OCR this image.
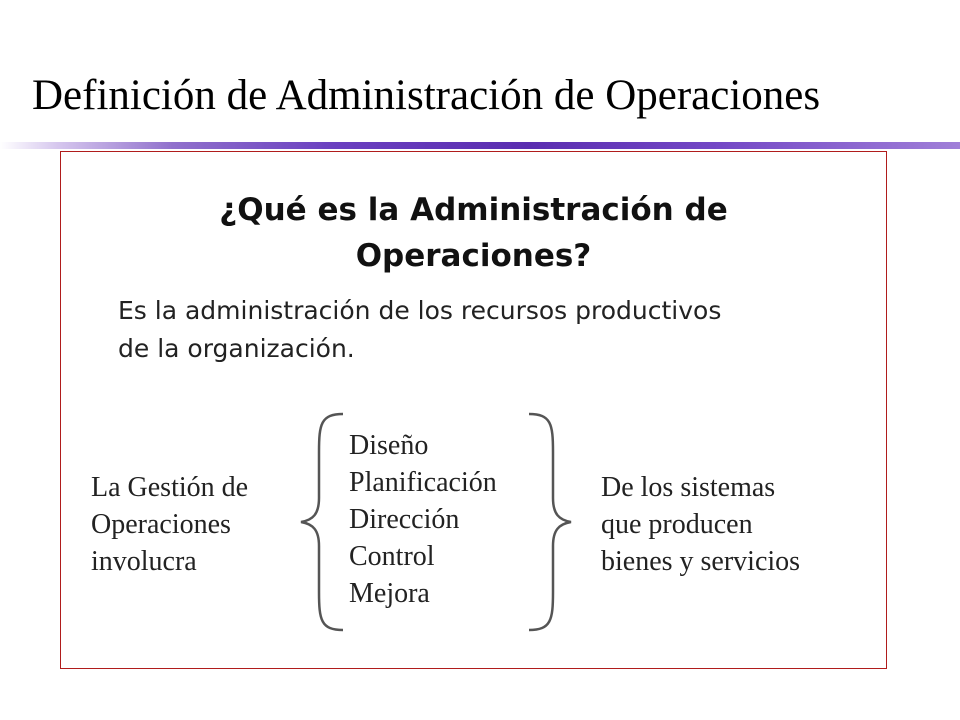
Definición de Administración de Operaciones
¿Qué es la Administración de
Operaciones?
Es la administración de los recursos productivos
de la organización.
La Gestión de
Operaciones
involucra
Diseño
Planificación
Dirección
Control
Mejora
De los sistemas
que producen
bienes y servicios
